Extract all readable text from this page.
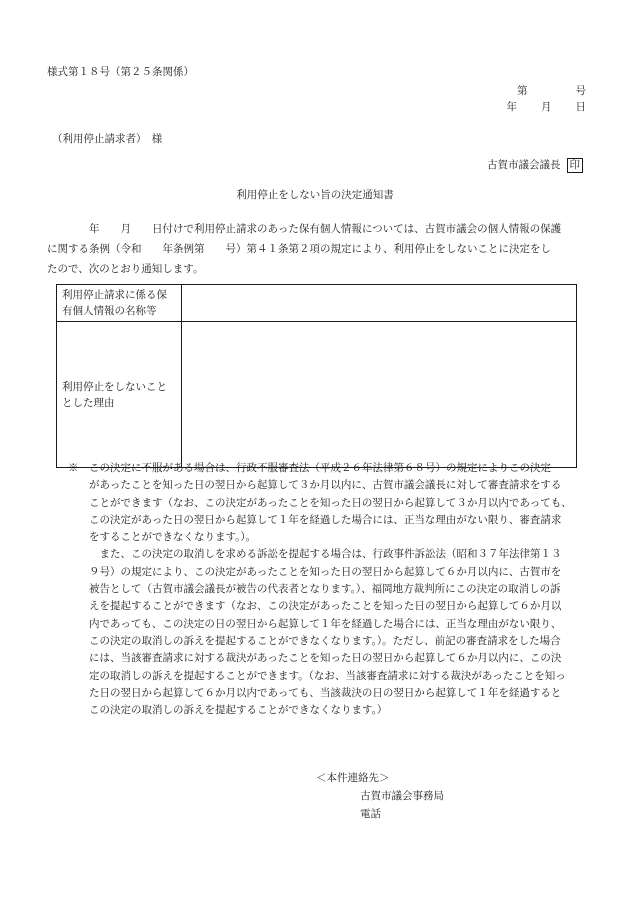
様式第１８号（第２５条関係）
第	号
年 月 日
（利用停止請求者）　様
古賀市議会議長 印
利用停止をしない旨の決定通知書
　　　　年　　月　　日付けで利用停止請求のあった保有個人情報については、古賀市議会の個人情報の保護
に関する条例（令和　　年条例第　　号）第４１条第２項の規定により、利用停止をしないことに決定をし
たので、次のとおり通知します。
利用停止請求に係る保
有個人情報の名称等	

利用停止をしないこと
とした理由	

※　この決定に不服がある場合は、行政不服審査法（平成２６年法律第６８号）の規定によりこの決定
　　があったことを知った日の翌日から起算して３か月以内に、古賀市議会議長に対して審査請求をする
　　ことができます（なお、この決定があったことを知った日の翌日から起算して３か月以内であっても、
　　この決定があった日の翌日から起算して１年を経過した場合には、正当な理由がない限り、審査請求
　　をすることができなくなります。）。
　　　また、この決定の取消しを求める訴訟を提起する場合は、行政事件訴訟法（昭和３７年法律第１３
　　９号）の規定により、この決定があったことを知った日の翌日から起算して６か月以内に、古賀市を
　　被告として（古賀市議会議長が被告の代表者となります。）、福岡地方裁判所にこの決定の取消しの訴
　　えを提起することができます（なお、この決定があったことを知った日の翌日から起算して６か月以
　　内であっても、この決定の日の翌日から起算して１年を経過した場合には、正当な理由がない限り、
　　この決定の取消しの訴えを提起することができなくなります。）。ただし、前記の審査請求をした場合
　　には、当該審査請求に対する裁決があったことを知った日の翌日から起算して６か月以内に、この決
　　定の取消しの訴えを提起することができます。（なお、当該審査請求に対する裁決があったことを知っ
　　た日の翌日から起算して６か月以内であっても、当該裁決の日の翌日から起算して１年を経過すると
　　この決定の取消しの訴えを提起することができなくなります。）
＜本件連絡先＞
古賀市議会事務局
電話
